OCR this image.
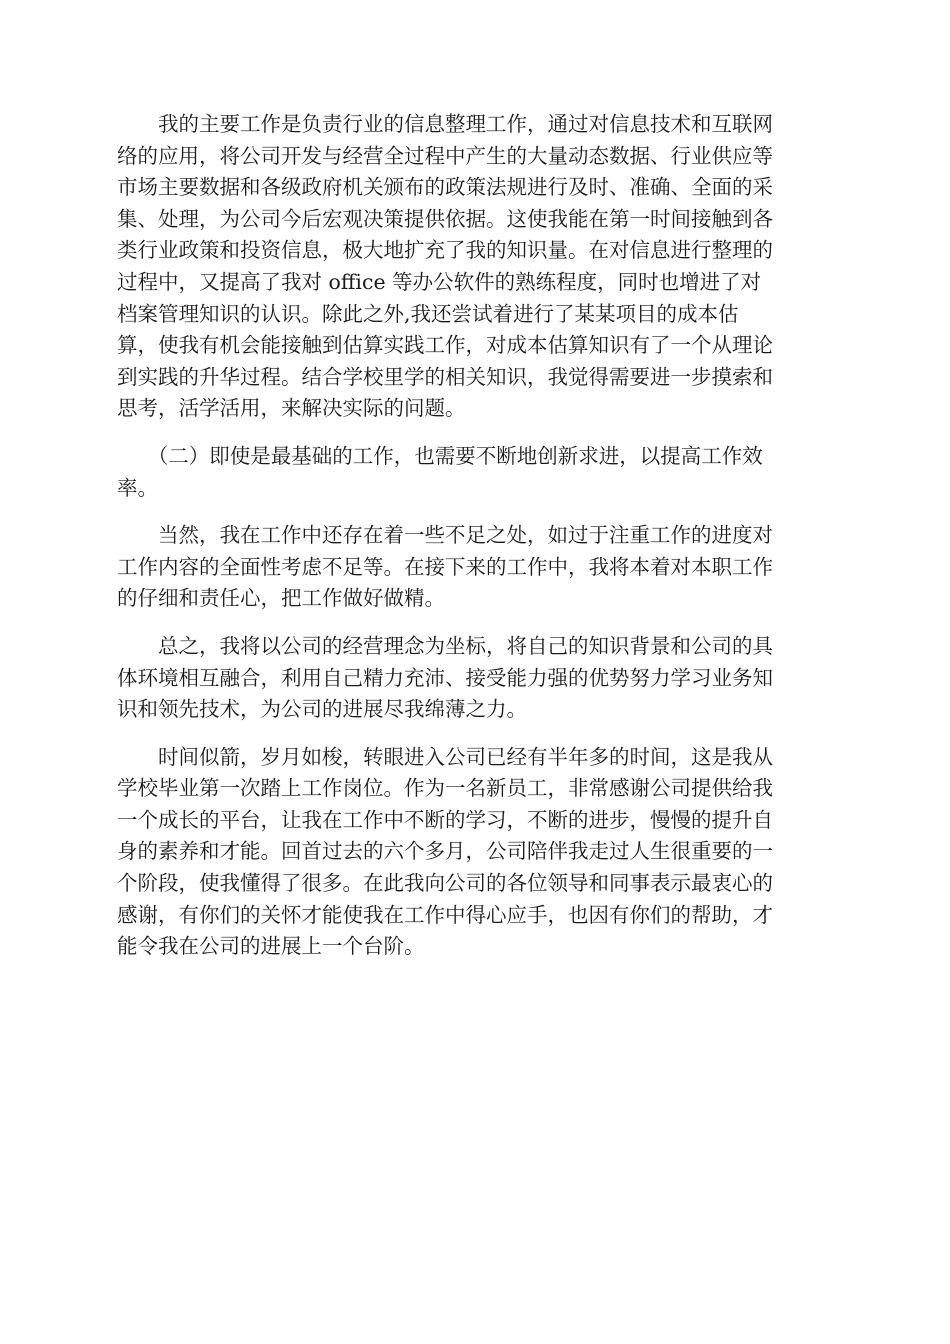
　　我的主要工作是负责行业的信息整理工作，通过对信息技术和互联网
络的应用，将公司开发与经营全过程中产生的大量动态数据、行业供应等
市场主要数据和各级政府机关颁布的政策法规进行及时、准确、全面的采
集、处理，为公司今后宏观决策提供依据。这使我能在第一时间接触到各
类行业政策和投资信息，极大地扩充了我的知识量。在对信息进行整理的
过程中，又提高了我对 office 等办公软件的熟练程度，同时也增进了对
档案管理知识的认识。除此之外,我还尝试着进行了某某项目的成本估
算，使我有机会能接触到估算实践工作，对成本估算知识有了一个从理论
到实践的升华过程。结合学校里学的相关知识，我觉得需要进一步摸索和
思考，活学活用，来解决实际的问题。

　　（二）即使是最基础的工作，也需要不断地创新求进，以提高工作效
率。

　　当然，我在工作中还存在着一些不足之处，如过于注重工作的进度对
工作内容的全面性考虑不足等。在接下来的工作中，我将本着对本职工作
的仔细和责任心，把工作做好做精。

　　总之，我将以公司的经营理念为坐标，将自己的知识背景和公司的具
体环境相互融合，利用自己精力充沛、接受能力强的优势努力学习业务知
识和领先技术，为公司的进展尽我绵薄之力。

　　时间似箭，岁月如梭，转眼进入公司已经有半年多的时间，这是我从
学校毕业第一次踏上工作岗位。作为一名新员工，非常感谢公司提供给我
一个成长的平台，让我在工作中不断的学习，不断的进步，慢慢的提升自
身的素养和才能。回首过去的六个多月，公司陪伴我走过人生很重要的一
个阶段，使我懂得了很多。在此我向公司的各位领导和同事表示最衷心的
感谢，有你们的关怀才能使我在工作中得心应手，也因有你们的帮助，才
能令我在公司的进展上一个台阶。
